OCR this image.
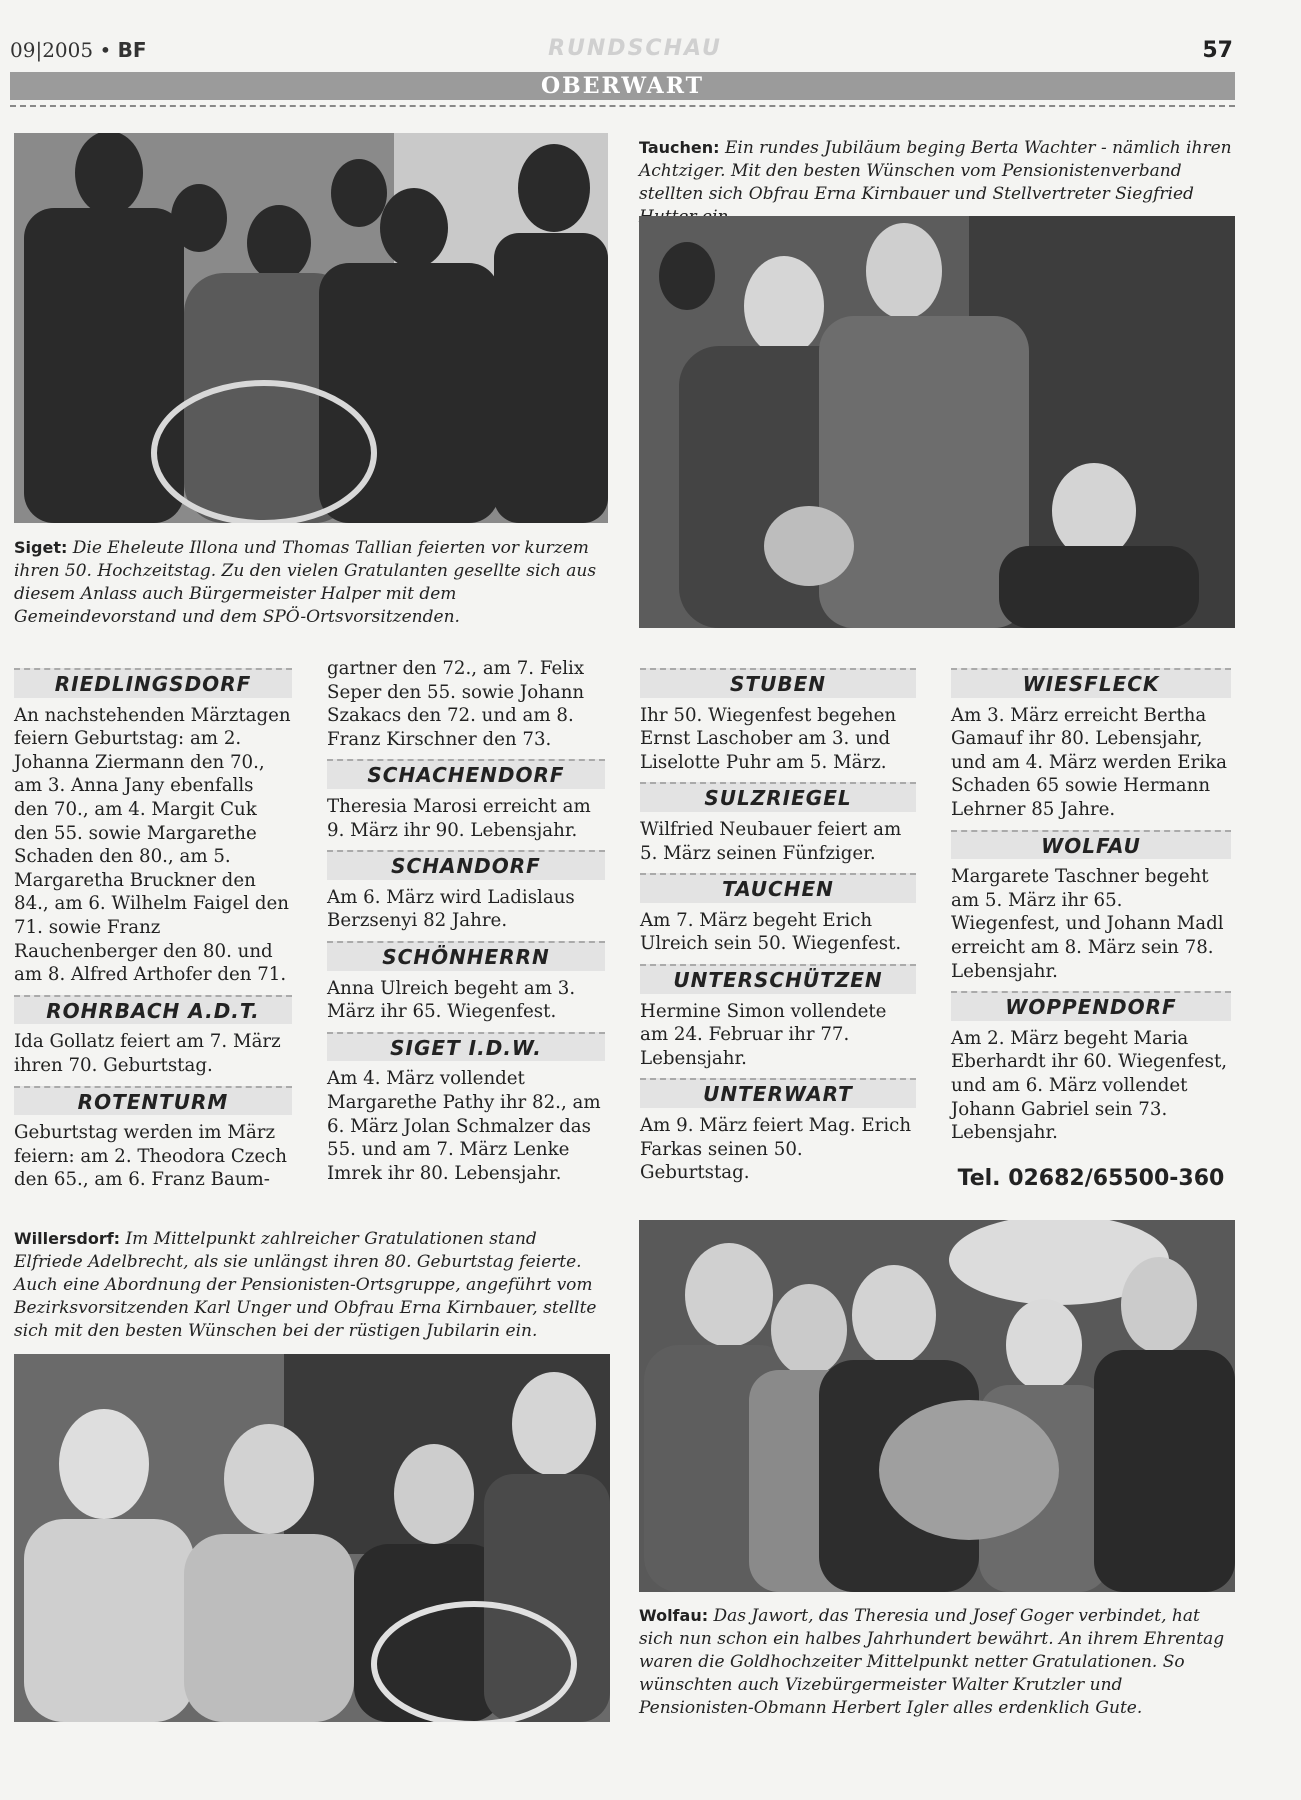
09|2005 • BF	RUNDSCHAU	57
OBERWART
Siget: Die Eheleute Illona und Thomas Tallian feierten vor kurzem ihren 50. Hochzeitstag. Zu den vielen Gratulanten gesellte sich aus diesem Anlass auch Bürgermeister Halper mit dem Gemeindevorstand und dem SPÖ-Ortsvorsitzenden.
Tauchen: Ein rundes Jubiläum beging Berta Wachter - nämlich ihren Achtziger. Mit den besten Wünschen vom Pensionistenverband stellten sich Obfrau Erna Kirnbauer und Stellvertreter Siegfried
RIEDLINGSDORF

An nachstehenden Märztagen feiern Geburtstag: am 2. Johanna Ziermann den 70., am 3. Anna Jany ebenfalls den 70., am 4. Margit Cuk den 55. sowie Margarethe Schaden den 80., am 5. Margaretha Bruckner den 84., am 6. Wilhelm Faigel den 71. sowie Franz Rauchenberger den 80. und am 8. Alfred Arthofer den 71.

ROHRBACH A.D.T.

Ida Gollatz feiert am 7. März ihren 70. Geburtstag.

ROTENTURM

Geburtstag werden im März feiern: am 2. Theodora Czech den 65., am 6. Franz Baum-

gartner den 72., am 7. Felix Seper den 55. sowie Johann Szakacs den 72. und am 8. Franz Kirschner den 73.

SCHACHENDORF

Theresia Marosi erreicht am 9. März ihr 90. Lebensjahr.

SCHANDORF

Am 6. März wird Ladislaus Berzsenyi 82 Jahre.

SCHÖNHERRN

Anna Ulreich begeht am 3. März ihr 65. Wiegenfest.

SIGET I.D.W.

Am 4. März vollendet Margarethe Pathy ihr 82., am 6. März Jolan Schmalzer das 55. und am 7. März Lenke Imrek ihr 80. Lebensjahr.

STUBEN

Ihr 50. Wiegenfest begehen Ernst Laschober am 3. und Liselotte Puhr am 5. März.

SULZRIEGEL

Wilfried Neubauer feiert am 5. März seinen Fünfziger.

TAUCHEN

Am 7. März begeht Erich Ulreich sein 50. Wiegenfest.

UNTERSCHÜTZEN

Hermine Simon vollendete am 24. Februar ihr 77. Lebensjahr.

UNTERWART

Am 9. März feiert Mag. Erich Farkas seinen 50. Geburtstag.

WIESFLECK

Am 3. März erreicht Bertha Gamauf ihr 80. Lebensjahr, und am 4. März werden Erika Schaden 65 sowie Hermann Lehrner 85 Jahre.

WOLFAU

Margarete Taschner begeht am 5. März ihr 65. Wiegenfest, und Johann Madl erreicht am 8. März sein 78. Lebensjahr.

WOPPENDORF

Am 2. März begeht Maria Eberhardt ihr 60. Wiegenfest, und am 6. März vollendet Johann Gabriel sein 73. Lebensjahr.

Tel. 02682/65500-360
Willersdorf: Im Mittelpunkt zahlreicher Gratulationen stand Elfriede Adelbrecht, als sie unlängst ihren 80. Geburtstag feierte. Auch eine Abordnung der Pensionisten-Ortsgruppe, angeführt vom Bezirksvorsitzenden Karl Unger und Obfrau Erna Kirnbauer, stellte sich mit den besten Wünschen bei der rüstigen Jubilarin ein.
Wolfau: Das Jawort, das Theresia und Josef Goger verbindet, hat sich nun schon ein halbes Jahrhundert bewährt. An ihrem Ehrentag waren die Goldhochzeiter Mittelpunkt netter Gratulationen. So wünschten auch Vizebürgermeister Walter Krutzler und Pensionisten-Obmann Herbert Igler alles erdenklich Gute.
